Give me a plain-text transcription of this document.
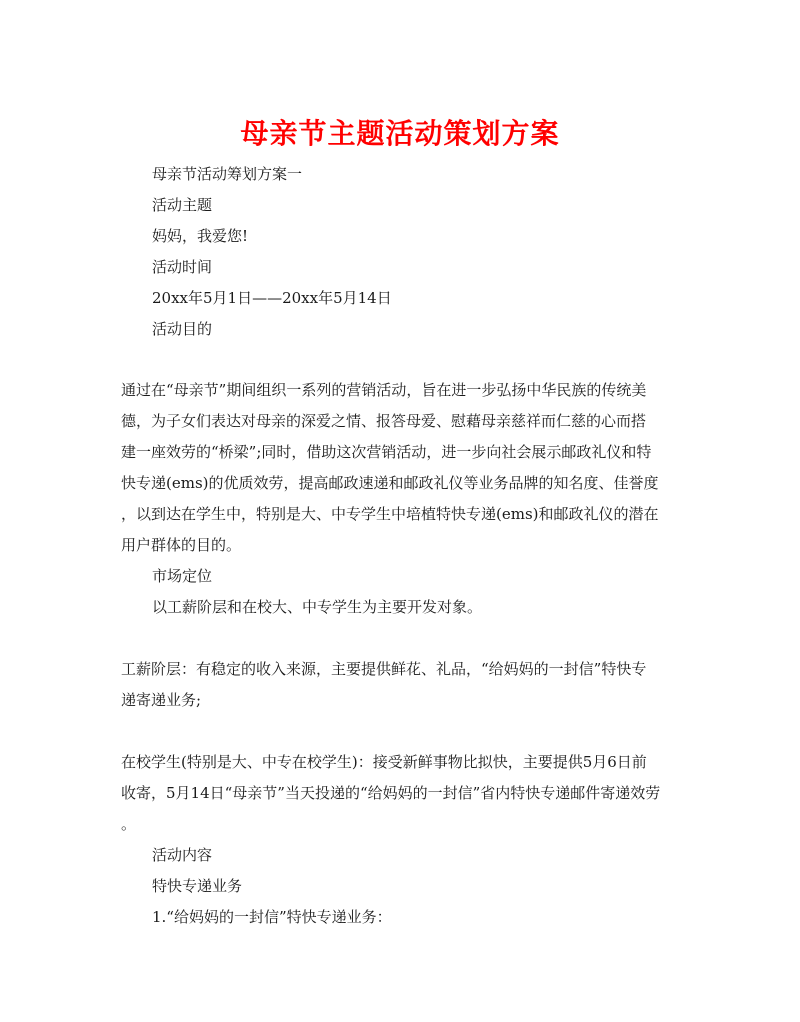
母亲节主题活动策划方案

母亲节活动筹划方案一

活动主题

妈妈，我爱您!

活动时间

20xx年5月1日——20xx年5月14日

活动目的

通过在“母亲节”期间组织一系列的营销活动，旨在进一步弘扬中华民族的传统美

德，为子女们表达对母亲的深爱之情、报答母爱、慰藉母亲慈祥而仁慈的心而搭

建一座效劳的“桥梁”;同时，借助这次营销活动，进一步向社会展示邮政礼仪和特

快专递(ems)的优质效劳，提高邮政速递和邮政礼仪等业务品牌的知名度、佳誉度

，以到达在学生中，特别是大、中专学生中培植特快专递(ems)和邮政礼仪的潜在

用户群体的目的。

市场定位

以工薪阶层和在校大、中专学生为主要开发对象。

工薪阶层：有稳定的收入来源，主要提供鲜花、礼品，“给妈妈的一封信”特快专

递寄递业务;

在校学生(特别是大、中专在校学生)：接受新鲜事物比拟快，主要提供5月6日前

收寄，5月14日“母亲节”当天投递的“给妈妈的一封信”省内特快专递邮件寄递效劳

。

活动内容

特快专递业务

1.“给妈妈的一封信”特快专递业务：
